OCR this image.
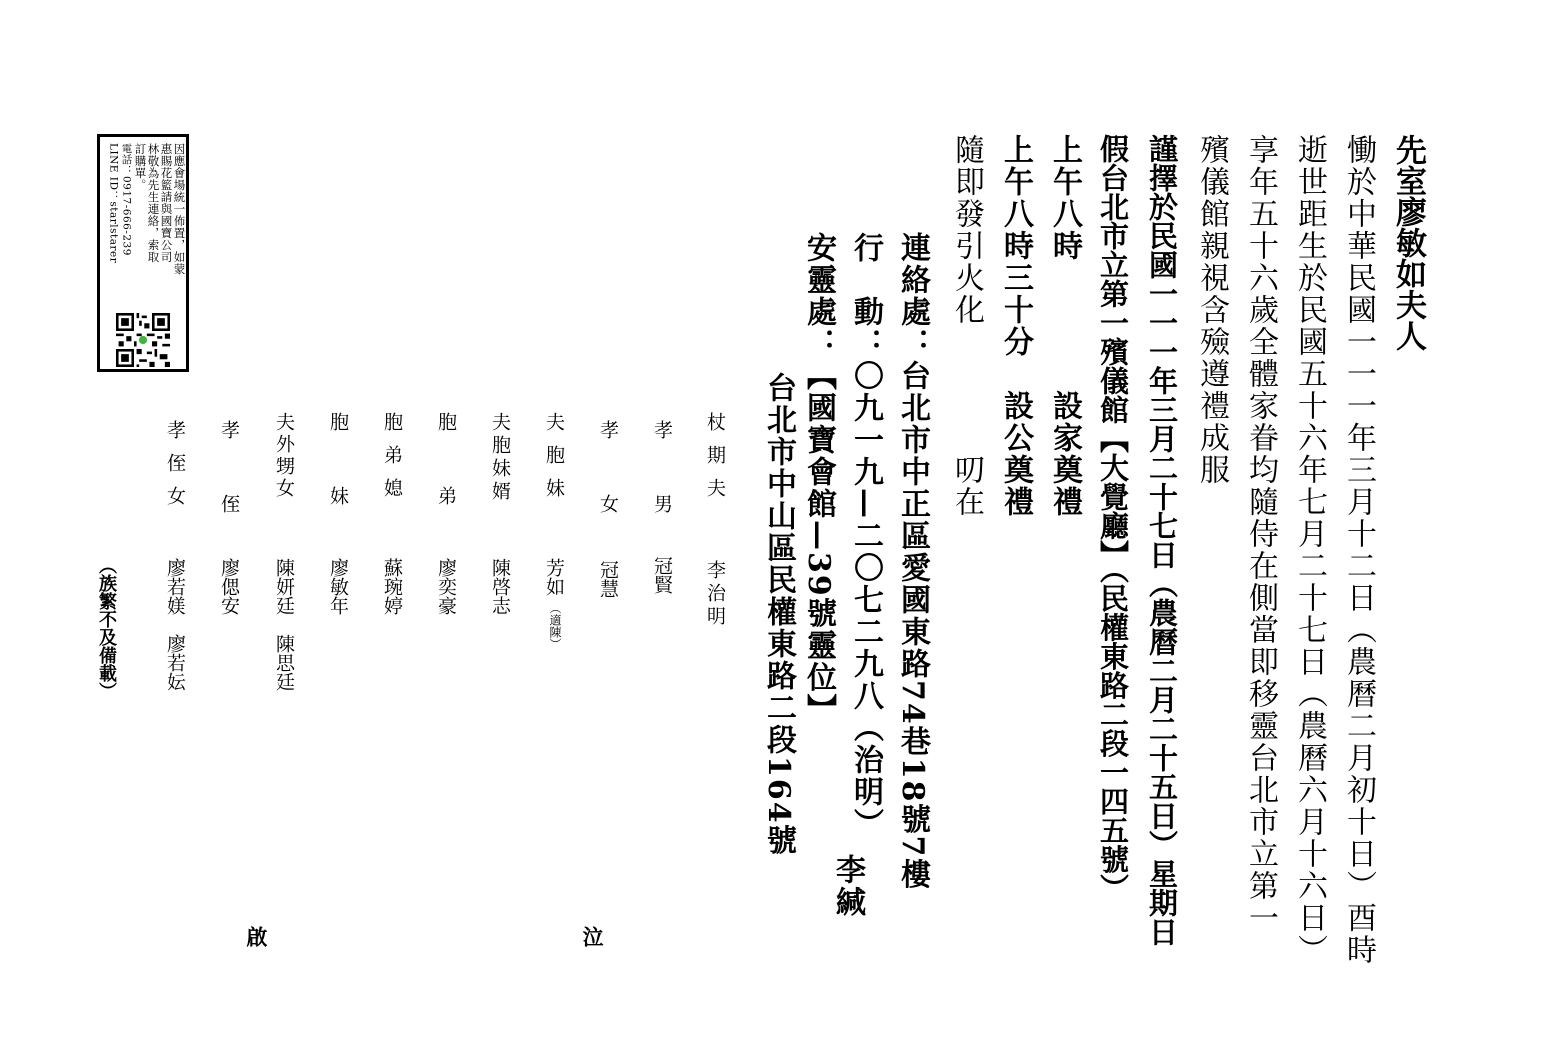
先室廖敏如夫人
慟於中華民國一一一年三月十二日（農曆二月初十日）酉時
逝世距生於民國五十六年七月二十七日（農曆六月十六日）
享年五十六歲全體家眷均隨侍在側當即移靈台北市立第一
殯儀館親視含殮遵禮成服
謹擇於民國一一一年三月二十七日（農曆二月二十五日）星期日
假台北市立第一殯儀館【大覺廳】（民權東路二段一四五號）
上午八時　　　　設家奠禮
上午八時三十分　設公奠禮
隨即發引火化　　　　叨在
連絡處：台北市中正區愛國東路74巷18號7樓
行　動：〇九一九—二〇七二九八（治明）
安靈處：【國寶會館—39號靈位】
台北市中山區民權東路二段164號
李緘
杖期夫
李治明
孝　男
冠賢
孝　女
冠慧
夫胞妹
芳如
（適陳）
夫胞妹婿
陳啓志
胞　弟
廖奕豪
胞弟媳
蘇琬婷
胞　妹
廖敏年
夫外甥女
陳妍廷　陳思廷
孝　侄
廖偲安
孝侄女
廖若媄　廖若妘
（族繁不及備載）
泣
啟
因應會場統一佈置，如蒙
惠賜花籃請與國寶公司
林敬為先生連絡，索取
訂購單。
電話：0917-666-239
LINE ID：starlstarer
